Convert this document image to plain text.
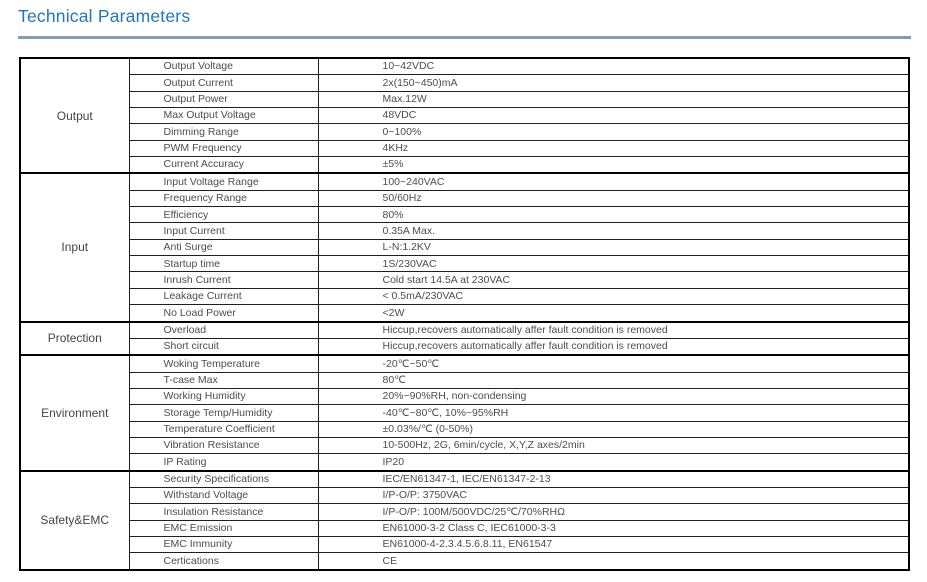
Technical Parameters
Output	Output Voltage	10~42VDC
	Output Current	2x(150~450)mA
	Output Power	Max.12W
	Max Output Voltage	48VDC
	Dimming Range	0~100%
	PWM Frequency	4KHz
	Current Accuracy	±5%
Input	Input Voltage Range	100~240VAC
	Frequency Range	50/60Hz
	Efficiency	80%
	Input Current	0.35A Max.
	Anti Surge	L-N:1.2KV
	Startup time	1S/230VAC
	Inrush Current	Cold start 14.5A at 230VAC
	Leakage Current	< 0.5mA/230VAC
	No Load Power	<2W
Protection	Overload	Hiccup,recovers automatically affer fault condition is removed
	Short circuit	Hiccup,recovers automatically affer fault condition is removed
Environment	Woking Temperature	-20℃~50℃
	T-case Max	80℃
	Working Humidity	20%~90%RH, non-condensing
	Storage Temp/Humidity	-40℃~80℃, 10%~95%RH
	Temperature Coefficient	±0.03%/℃ (0-50%)
	Vibration Resistance	10-500Hz, 2G, 6min/cycle, X,Y,Z axes/2min
	IP Rating	IP20
Safety&EMC	Security Specifications	IEC/EN61347-1, IEC/EN61347-2-13
	Withstand Voltage	I/P-O/P: 3750VAC
	Insulation Resistance	I/P-O/P: 100M/500VDC/25℃/70%RHΩ
	EMC Emission	EN61000-3-2 Class C, IEC61000-3-3
	EMC Immunity	EN61000-4-2.3.4.5.6.8.11, EN61547
	Certications	CE
